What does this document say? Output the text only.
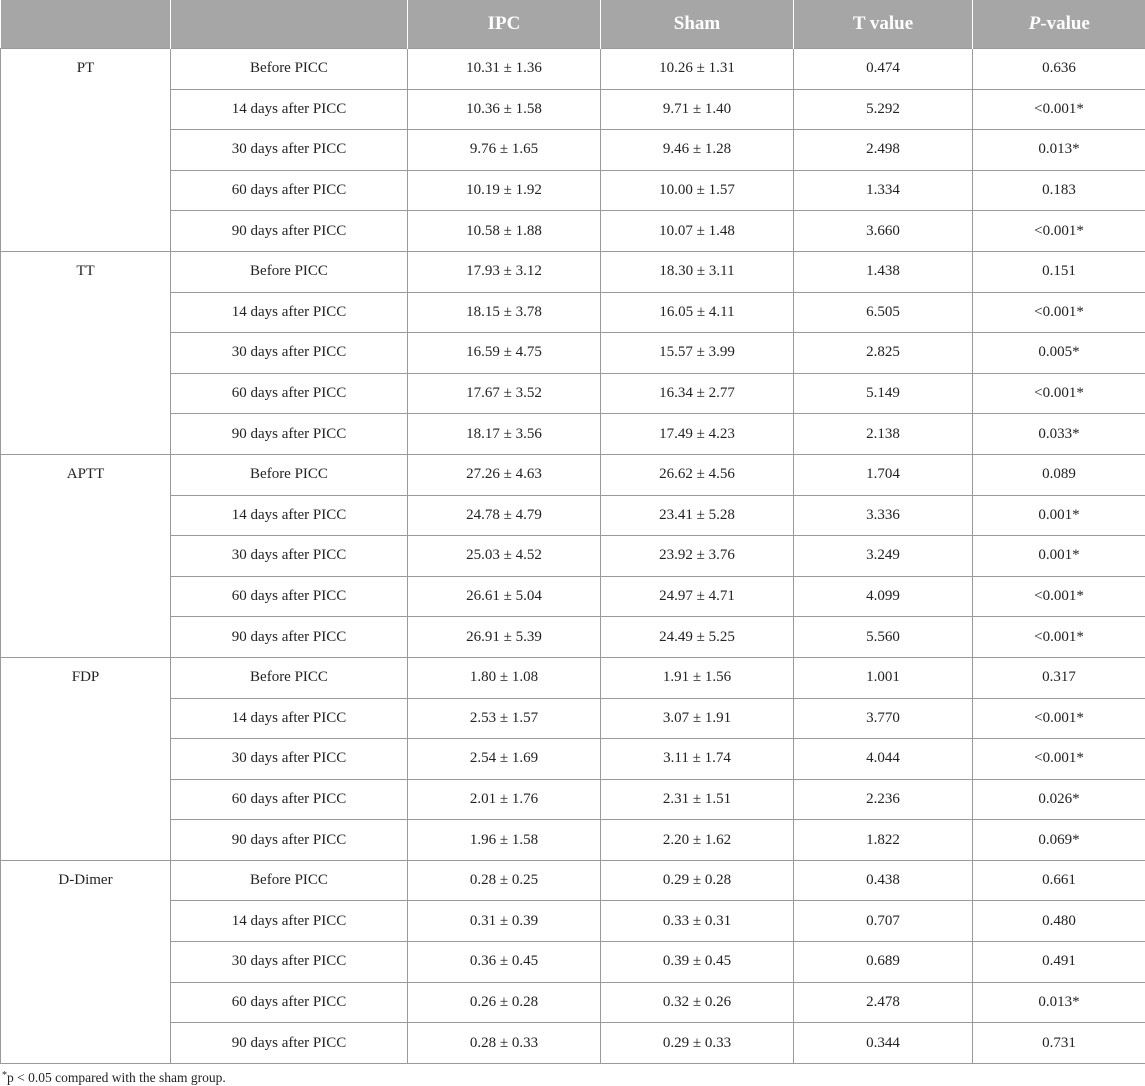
		IPC	Sham	T value	P-value
PT	Before PICC	10.31 ± 1.36	10.26 ± 1.31	0.474	0.636
	14 days after PICC	10.36 ± 1.58	9.71 ± 1.40	5.292	<0.001*
	30 days after PICC	9.76 ± 1.65	9.46 ± 1.28	2.498	0.013*
	60 days after PICC	10.19 ± 1.92	10.00 ± 1.57	1.334	0.183
	90 days after PICC	10.58 ± 1.88	10.07 ± 1.48	3.660	<0.001*
TT	Before PICC	17.93 ± 3.12	18.30 ± 3.11	1.438	0.151
	14 days after PICC	18.15 ± 3.78	16.05 ± 4.11	6.505	<0.001*
	30 days after PICC	16.59 ± 4.75	15.57 ± 3.99	2.825	0.005*
	60 days after PICC	17.67 ± 3.52	16.34 ± 2.77	5.149	<0.001*
	90 days after PICC	18.17 ± 3.56	17.49 ± 4.23	2.138	0.033*
APTT	Before PICC	27.26 ± 4.63	26.62 ± 4.56	1.704	0.089
	14 days after PICC	24.78 ± 4.79	23.41 ± 5.28	3.336	0.001*
	30 days after PICC	25.03 ± 4.52	23.92 ± 3.76	3.249	0.001*
	60 days after PICC	26.61 ± 5.04	24.97 ± 4.71	4.099	<0.001*
	90 days after PICC	26.91 ± 5.39	24.49 ± 5.25	5.560	<0.001*
FDP	Before PICC	1.80 ± 1.08	1.91 ± 1.56	1.001	0.317
	14 days after PICC	2.53 ± 1.57	3.07 ± 1.91	3.770	<0.001*
	30 days after PICC	2.54 ± 1.69	3.11 ± 1.74	4.044	<0.001*
	60 days after PICC	2.01 ± 1.76	2.31 ± 1.51	2.236	0.026*
	90 days after PICC	1.96 ± 1.58	2.20 ± 1.62	1.822	0.069*
D-Dimer	Before PICC	0.28 ± 0.25	0.29 ± 0.28	0.438	0.661
	14 days after PICC	0.31 ± 0.39	0.33 ± 0.31	0.707	0.480
	30 days after PICC	0.36 ± 0.45	0.39 ± 0.45	0.689	0.491
	60 days after PICC	0.26 ± 0.28	0.32 ± 0.26	2.478	0.013*
	90 days after PICC	0.28 ± 0.33	0.29 ± 0.33	0.344	0.731
*p < 0.05 compared with the sham group.
